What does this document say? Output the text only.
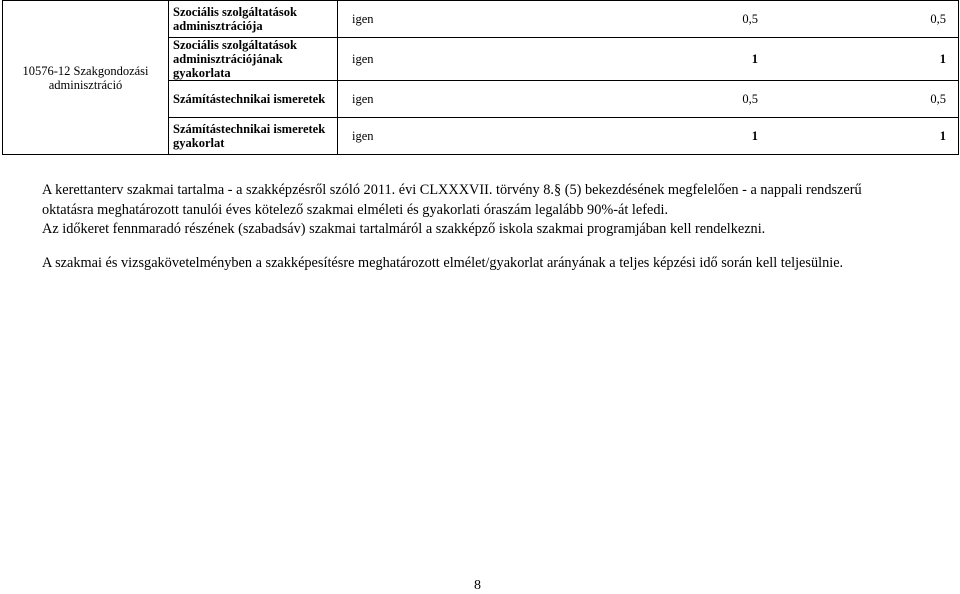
10576-12 Szakgondozási adminisztráció	Szociális szolgáltatások adminisztrációja	igen 0,5 0,5

	Szociális szolgáltatások adminisztrációjának gyakorlata	igen 1 1

	Számítástechnikai ismeretek	igen 0,5 0,5

	Számítástechnikai ismeretek gyakorlat	igen 1 1

A kerettanterv szakmai tartalma - a szakképzésről szóló 2011. évi CLXXXVII. törvény 8.§ (5) bekezdésének megfelelően - a nappali rendszerű
oktatásra meghatározott tanulói éves kötelező szakmai elméleti és gyakorlati óraszám legalább 90%-át lefedi.
Az időkeret fennmaradó részének (szabadsáv) szakmai tartalmáról a szakképző iskola szakmai programjában kell rendelkezni.

A szakmai és vizsgakövetelményben a szakképesítésre meghatározott elmélet/gyakorlat arányának a teljes képzési idő során kell teljesülnie.

8
